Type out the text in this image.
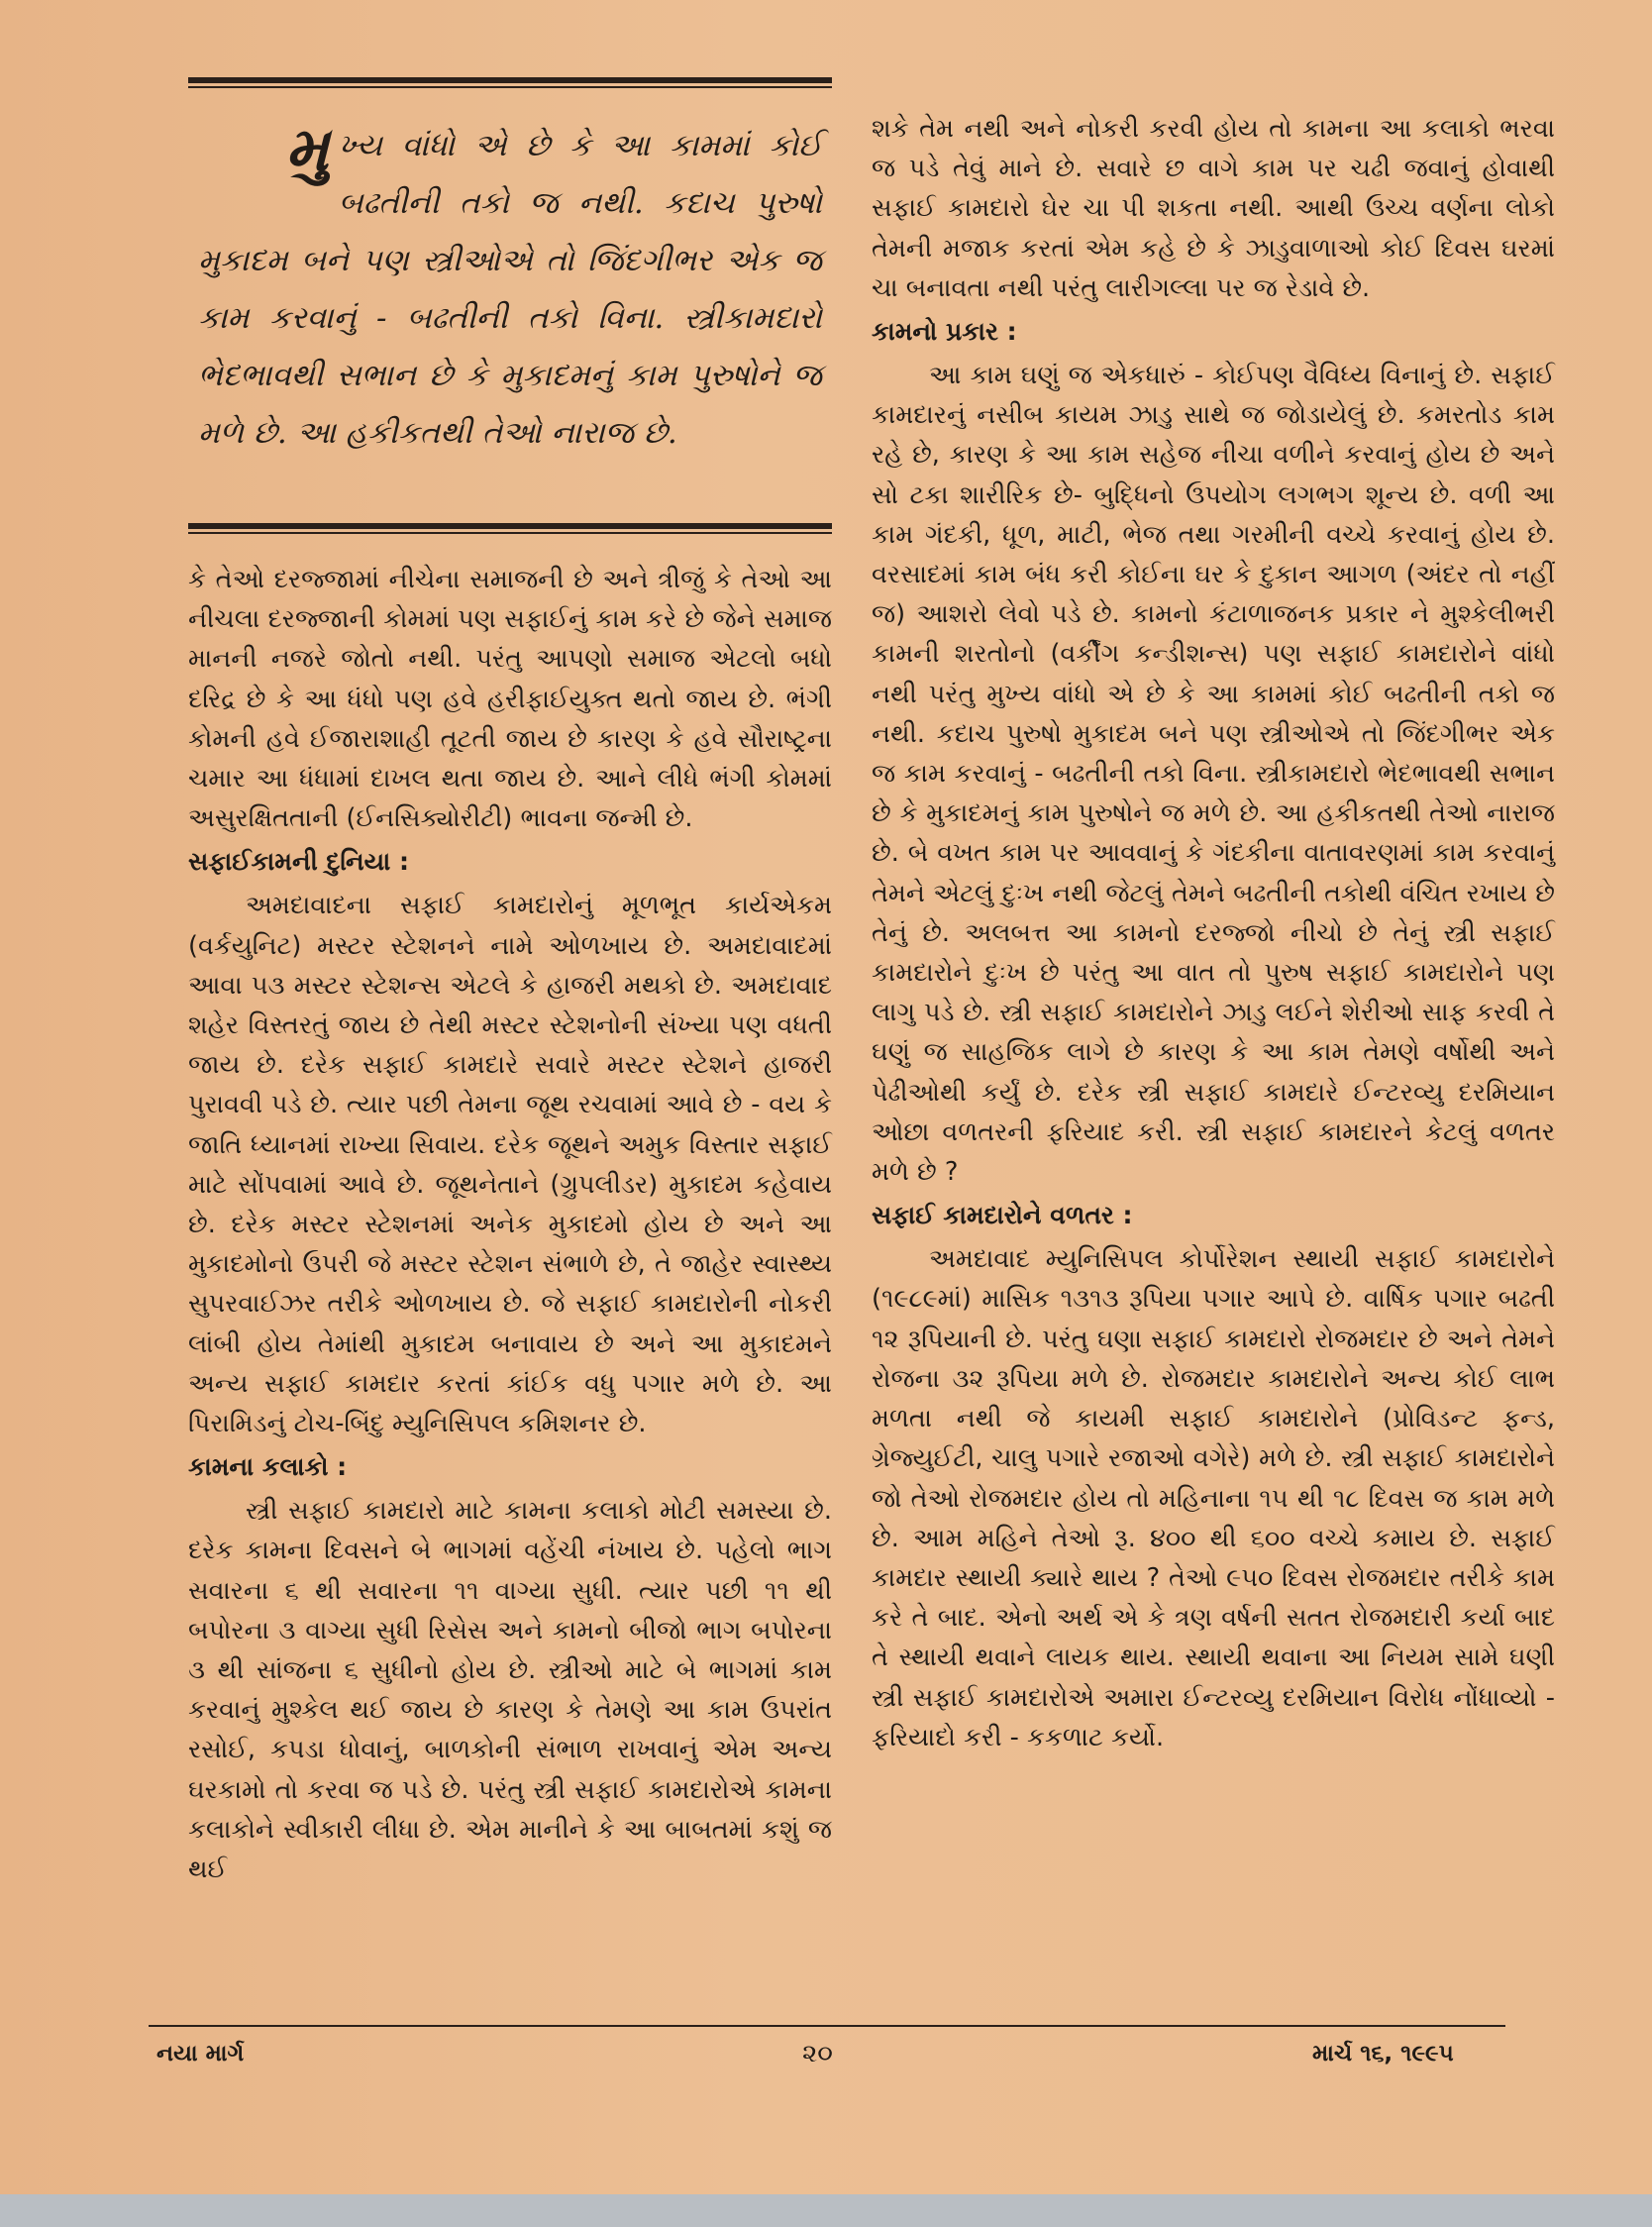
મુખ્ય વાંધો એ છે કે આ કામમાં કોઈ બઢતીની તકો જ નથી. કદાચ પુરુષો મુકાદમ બને પણ સ્ત્રીઓએ તો જિંદગીભર એક જ કામ કરવાનું - બઢતીની તકો વિના. સ્ત્રીકામદારો ભેદભાવથી સભાન છે કે મુકાદમનું કામ પુરુષોને જ મળે છે. આ હકીકતથી તેઓ નારાજ છે.

કે તેઓ દરજ્જામાં નીચેના સમાજની છે અને ત્રીજું કે તેઓ આ નીચલા દરજ્જાની કોમમાં પણ સફાઈનું કામ કરે છે જેને સમાજ માનની નજરે જોતો નથી. પરંતુ આપણો સમાજ એટલો બધો દરિદ્ર છે કે આ ધંધો પણ હવે હરીફાઈયુક્ત થતો જાય છે. ભંગી કોમની હવે ઈજારાશાહી તૂટતી જાય છે કારણ કે હવે સૌરાષ્ટ્રના ચમાર આ ધંધામાં દાખલ થતા જાય છે. આને લીધે ભંગી કોમમાં અસુરક્ષિતતાની (ઈનસિક્યોરીટી) ભાવના જન્મી છે.

સફાઈકામની દુનિયા :

અમદાવાદના સફાઈ કામદારોનું મૂળભૂત કાર્યએકમ (વર્કયુનિટ) મસ્ટર સ્ટેશનને નામે ઓળખાય છે. અમદાવાદમાં આવા ૫૩ મસ્ટર સ્ટેશન્સ એટલે કે હાજરી મથકો છે. અમદાવાદ શહેર વિસ્તરતું જાય છે તેથી મસ્ટર સ્ટેશનોની સંખ્યા પણ વધતી જાય છે. દરેક સફાઈ કામદારે સવારે મસ્ટર સ્ટેશને હાજરી પુરાવવી પડે છે. ત્યાર પછી તેમના જૂથ રચવામાં આવે છે - વય કે જાતિ ધ્યાનમાં રાખ્યા સિવાય. દરેક જૂથને અમુક વિસ્તાર સફાઈ માટે સોંપવામાં આવે છે. જૂથનેતાને (ગ્રુપલીડર) મુકાદમ કહેવાય છે. દરેક મસ્ટર સ્ટેશનમાં અનેક મુકાદમો હોય છે અને આ મુકાદમોનો ઉપરી જે મસ્ટર સ્ટેશન સંભાળે છે, તે જાહેર સ્વાસ્થ્ય સુપરવાઈઝર તરીકે ઓળખાય છે. જે સફાઈ કામદારોની નોકરી લાંબી હોય તેમાંથી મુકાદમ બનાવાય છે અને આ મુકાદમને અન્ય સફાઈ કામદાર કરતાં કાંઈક વધુ પગાર મળે છે. આ પિરામિડનું ટોચ-બિંદુ મ્યુનિસિપલ કમિશનર છે.

કામના કલાકો :

સ્ત્રી સફાઈ કામદારો માટે કામના કલાકો મોટી સમસ્યા છે. દરેક કામના દિવસને બે ભાગમાં વહેંચી નંખાય છે. પહેલો ભાગ સવારના ૬ થી સવારના ૧૧ વાગ્યા સુધી. ત્યાર પછી ૧૧ થી બપોરના ૩ વાગ્યા સુધી રિસેસ અને કામનો બીજો ભાગ બપોરના ૩ થી સાંજના ૬ સુધીનો હોય છે. સ્ત્રીઓ માટે બે ભાગમાં કામ કરવાનું મુશ્કેલ થઈ જાય છે કારણ કે તેમણે આ કામ ઉપરાંત રસોઈ, કપડા ધોવાનું, બાળકોની સંભાળ રાખવાનું એમ અન્ય ઘરકામો તો કરવા જ પડે છે. પરંતુ સ્ત્રી સફાઈ કામદારોએ કામના કલાકોને સ્વીકારી લીધા છે. એમ માનીને કે આ બાબતમાં કશું જ થઈ

શકે તેમ નથી અને નોકરી કરવી હોય તો કામના આ કલાકો ભરવા જ પડે તેવું માને છે. સવારે છ વાગે કામ પર ચઢી જવાનું હોવાથી સફાઈ કામદારો ઘેર ચા પી શકતા નથી. આથી ઉચ્ચ વર્ણના લોકો તેમની મજાક કરતાં એમ કહે છે કે ઝાડુવાળાઓ કોઈ દિવસ ઘરમાં ચા બનાવતા નથી પરંતુ લારીગલ્લા પર જ રેડાવે છે.

કામનો પ્રકાર :

આ કામ ઘણું જ એકધારું - કોઈપણ વૈવિધ્ય વિનાનું છે. સફાઈ કામદારનું નસીબ કાયમ ઝાડુ સાથે જ જોડાયેલું છે. કમરતોડ કામ રહે છે, કારણ કે આ કામ સહેજ નીચા વળીને કરવાનું હોય છે અને સો ટકા શારીરિક છે- બુદ્ધિનો ઉપયોગ લગભગ શૂન્ય છે. વળી આ કામ ગંદકી, ધૂળ, માટી, ભેજ તથા ગરમીની વચ્ચે કરવાનું હોય છે. વરસાદમાં કામ બંધ કરી કોઈના ઘર કે દુકાન આગળ (અંદર તો નહીં જ) આશરો લેવો પડે છે. કામનો કંટાળાજનક પ્રકાર ને મુશ્કેલીભરી કામની શરતોનો (વર્કીંગ કન્ડીશન્સ) પણ સફાઈ કામદારોને વાંધો નથી પરંતુ મુખ્ય વાંધો એ છે કે આ કામમાં કોઈ બઢતીની તકો જ નથી. કદાચ પુરુષો મુકાદમ બને પણ સ્ત્રીઓએ તો જિંદગીભર એક જ કામ કરવાનું - બઢતીની તકો વિના. સ્ત્રીકામદારો ભેદભાવથી સભાન છે કે મુકાદમનું કામ પુરુષોને જ મળે છે. આ હકીકતથી તેઓ નારાજ છે. બે વખત કામ પર આવવાનું કે ગંદકીના વાતાવરણમાં કામ કરવાનું તેમને એટલું દુઃખ નથી જેટલું તેમને બઢતીની તકોથી વંચિત રખાય છે તેનું છે. અલબત્ત આ કામનો દરજ્જો નીચો છે તેનું સ્ત્રી સફાઈ કામદારોને દુઃખ છે પરંતુ આ વાત તો પુરુષ સફાઈ કામદારોને પણ લાગુ પડે છે. સ્ત્રી સફાઈ કામદારોને ઝાડુ લઈને શેરીઓ સાફ કરવી તે ઘણું જ સાહજિક લાગે છે કારણ કે આ કામ તેમણે વર્ષોથી અને પેઢીઓથી કર્યું છે. દરેક સ્ત્રી સફાઈ કામદારે ઈન્ટરવ્યુ દરમિયાન ઓછા વળતરની ફરિયાદ કરી. સ્ત્રી સફાઈ કામદારને કેટલું વળતર મળે છે ?

સફાઈ કામદારોને વળતર :

અમદાવાદ મ્યુનિસિપલ કોર્પોરેશન સ્થાયી સફાઈ કામદારોને (૧૯૮૯માં) માસિક ૧૩૧૩ રૂપિયા પગાર આપે છે. વાર્ષિક પગાર બઢતી ૧૨ રૂપિયાની છે. પરંતુ ઘણા સફાઈ કામદારો રોજમદાર છે અને તેમને રોજના ૩૨ રૂપિયા મળે છે. રોજમદાર કામદારોને અન્ય કોઈ લાભ મળતા નથી જે કાયમી સફાઈ કામદારોને (પ્રોવિડન્ટ ફન્ડ, ગ્રેજ્યુઈટી, ચાલુ પગારે રજાઓ વગેરે) મળે છે. સ્ત્રી સફાઈ કામદારોને જો તેઓ રોજમદાર હોય તો મહિનાના ૧૫ થી ૧૮ દિવસ જ કામ મળે છે. આમ મહિને તેઓ રૂ. ૪૦૦ થી ૬૦૦ વચ્ચે કમાય છે. સફાઈ કામદાર સ્થાયી ક્યારે થાય ? તેઓ ૯૫૦ દિવસ રોજમદાર તરીકે કામ કરે તે બાદ. એનો અર્થ એ કે ત્રણ વર્ષની સતત રોજમદારી કર્યા બાદ તે સ્થાયી થવાને લાયક થાય. સ્થાયી થવાના આ નિયમ સામે ઘણી સ્ત્રી સફાઈ કામદારોએ અમારા ઈન્ટરવ્યુ દરમિયાન વિરોધ નોંધાવ્યો - ફરિયાદો કરી - કકળાટ કર્યો.

નયા માર્ગ	૨૦	માર્ચ ૧૬, ૧૯૯૫
